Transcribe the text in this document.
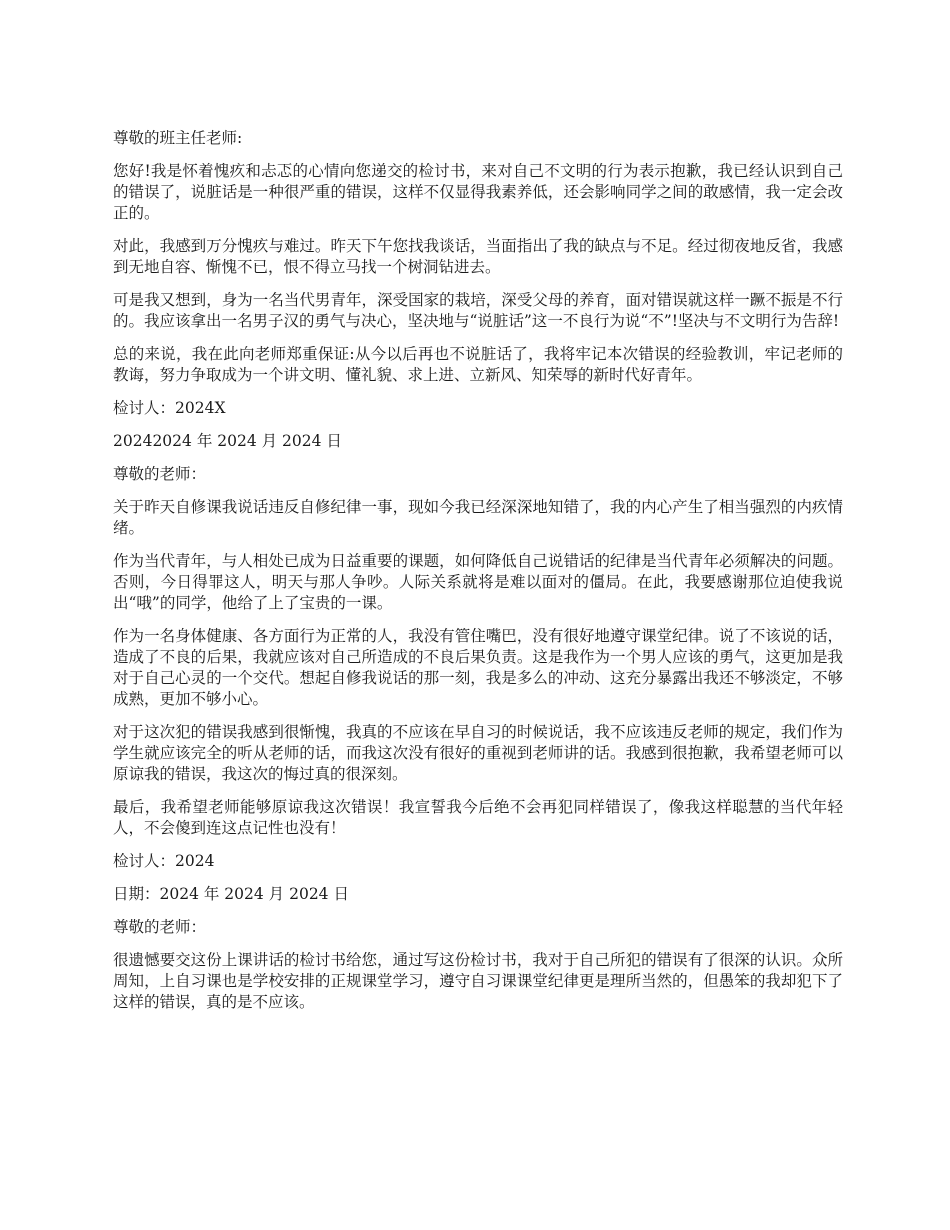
尊敬的班主任老师:

您好!我是怀着愧疚和忐忑的心情向您递交的检讨书，来对自己不文明的行为表示抱歉，我已经认识到自己的错误了，说脏话是一种很严重的错误，这样不仅显得我素养低，还会影响同学之间的敢感情，我一定会改正的。

对此，我感到万分愧疚与难过。昨天下午您找我谈话，当面指出了我的缺点与不足。经过彻夜地反省，我感到无地自容、惭愧不已，恨不得立马找一个树洞钻进去。

可是我又想到，身为一名当代男青年，深受国家的栽培，深受父母的养育，面对错误就这样一蹶不振是不行的。我应该拿出一名男子汉的勇气与决心，坚决地与“说脏话”这一不良行为说“不”!坚决与不文明行为告辞!

总的来说，我在此向老师郑重保证:从今以后再也不说脏话了，我将牢记本次错误的经验教训，牢记老师的教诲，努力争取成为一个讲文明、懂礼貌、求上进、立新风、知荣辱的新时代好青年。

检讨人：2024X

20242024 年 2024 月 2024 日

尊敬的老师：

关于昨天自修课我说话违反自修纪律一事，现如今我已经深深地知错了，我的内心产生了相当强烈的内疚情绪。

作为当代青年，与人相处已成为日益重要的课题，如何降低自己说错话的纪律是当代青年必须解决的问题。否则，今日得罪这人，明天与那人争吵。人际关系就将是难以面对的僵局。在此，我要感谢那位迫使我说出“哦”的同学，他给了上了宝贵的一课。

作为一名身体健康、各方面行为正常的人，我没有管住嘴巴，没有很好地遵守课堂纪律。说了不该说的话，造成了不良的后果，我就应该对自己所造成的不良后果负责。这是我作为一个男人应该的勇气，这更加是我对于自己心灵的一个交代。想起自修我说话的那一刻，我是多么的冲动、这充分暴露出我还不够淡定，不够成熟，更加不够小心。

对于这次犯的错误我感到很惭愧，我真的不应该在早自习的时候说话，我不应该违反老师的规定，我们作为学生就应该完全的听从老师的话，而我这次没有很好的重视到老师讲的话。我感到很抱歉，我希望老师可以原谅我的错误，我这次的悔过真的很深刻。

最后，我希望老师能够原谅我这次错误！我宣誓我今后绝不会再犯同样错误了，像我这样聪慧的当代年轻人，不会傻到连这点记性也没有！

检讨人：2024

日期：2024 年 2024 月 2024 日

尊敬的老师：

很遗憾要交这份上课讲话的检讨书给您，通过写这份检讨书，我对于自己所犯的错误有了很深的认识。众所周知，上自习课也是学校安排的正规课堂学习，遵守自习课课堂纪律更是理所当然的，但愚笨的我却犯下了这样的错误，真的是不应该。
